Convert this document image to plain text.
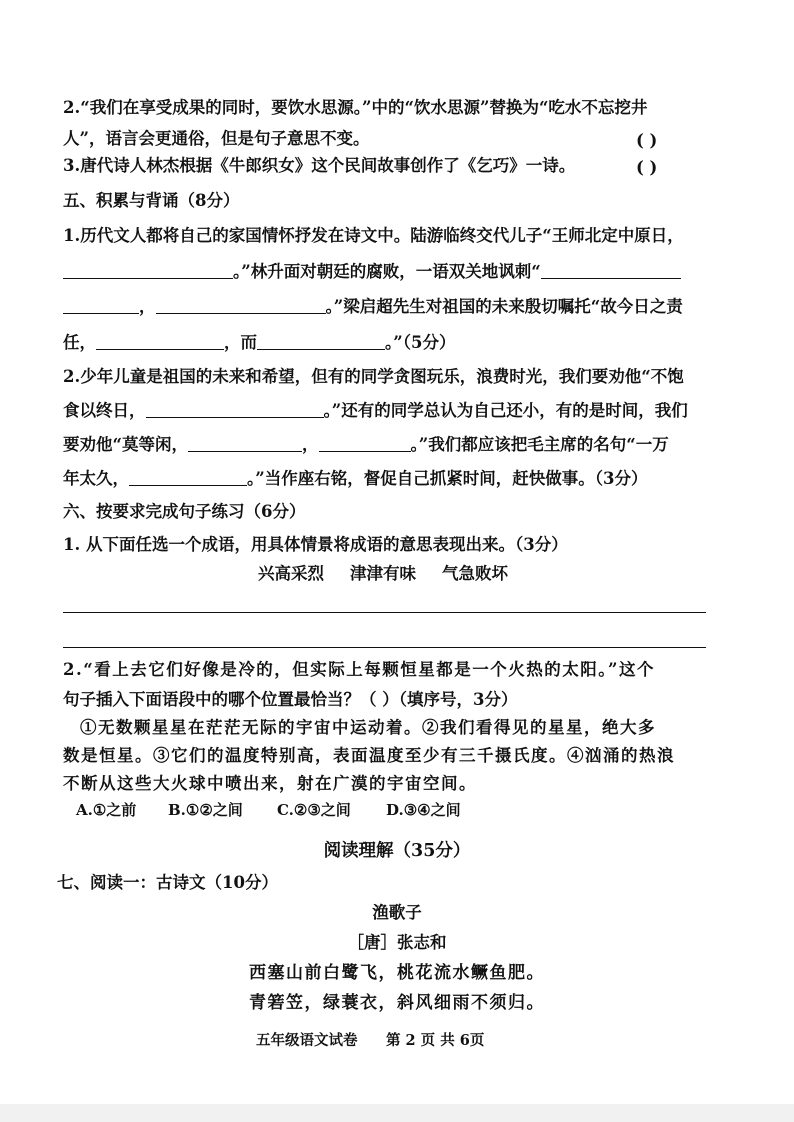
2.“我们在享受成果的同时，要饮水思源。”中的“饮水思源”替换为“吃水不忘挖井
人”，语言会更通俗，但是句子意思不变。	( )
3.唐代诗人林杰根据《牛郎织女》这个民间故事创作了《乞巧》一诗。	( )
五、积累与背诵（8分）
1.历代文人都将自己的家国情怀抒发在诗文中。陆游临终交代儿子“王师北定中原日，
。”林升面对朝廷的腐败，一语双关地讽刺“
，	。”梁启超先生对祖国的未来殷切嘱托“故今日之责
任，	，而	。”（5分）
2.少年儿童是祖国的未来和希望，但有的同学贪图玩乐，浪费时光，我们要劝他“不饱
食以终日，	。”还有的同学总认为自己还小，有的是时间，我们
要劝他“莫等闲，	，	。”我们都应该把毛主席的名句“一万
年太久，	。”当作座右铭，督促自己抓紧时间，赶快做事。（3分）
六、按要求完成句子练习（6分）
1. 从下面任选一个成语，用具体情景将成语的意思表现出来。（3分）
兴高采烈 津津有味 气急败坏
2.“看上去它们好像是冷的，但实际上每颗恒星都是一个火热的太阳。”这个
句子插入下面语段中的哪个位置最恰当？（ ）（填序号，3分）
①无数颗星星在茫茫无际的宇宙中运动着。②我们看得见的星星，绝大多
数是恒星。③它们的温度特别高，表面温度至少有三千摄氏度。④汹涌的热浪
不断从这些大火球中喷出来，射在广漠的宇宙空间。
A.①之前 B.①②之间 C.②③之间 D.③④之间
阅读理解（35分）
七、阅读一：古诗文（10分）
渔歌子
［唐］张志和
西塞山前白鹭飞，桃花流水鳜鱼肥。
青箬笠，绿蓑衣，斜风细雨不须归。
五年级语文试卷 第 2 页 共 6页
